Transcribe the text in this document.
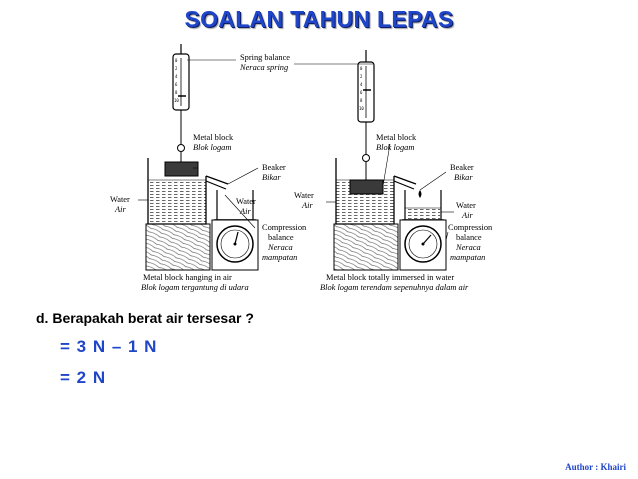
SOALAN TAHUN LEPAS
0
2
4
6
8
10
Spring balance
Neraca spring
Metal block
Blok logam
Beaker
Bikar
Water
Air
Water
Air
Compression
balance
Neraca
mampatan
Metal block hanging in air
Blok logam tergantung di udara
0
2
4
6
8
10
Metal block
Blok logam
Beaker
Bikar
Water
Air	Water
Air
Compression
balance
Neraca
mampatan
Metal block totally immersed in water
Blok logam terendam sepenuhnya dalam air
d. Berapakah berat air tersesar ?
= 3 N – 1 N
= 2 N
Author : Khairi
